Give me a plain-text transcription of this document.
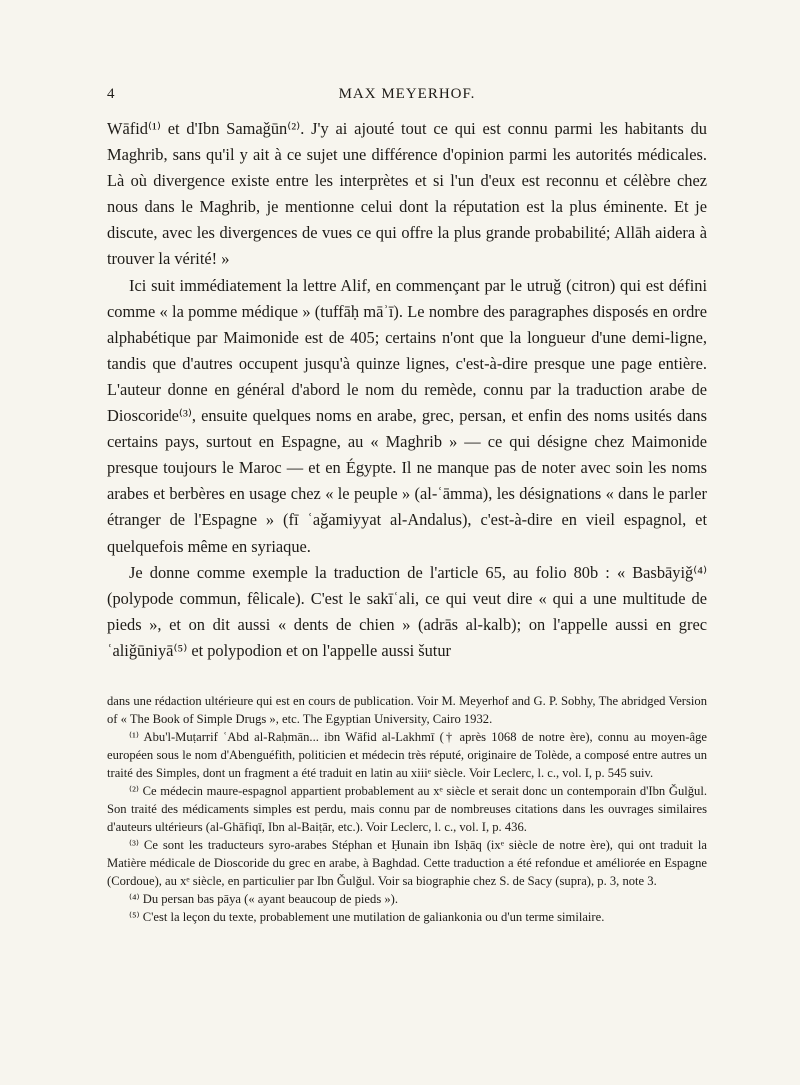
4	MAX MEYERHOF.

Wāfid⁽¹⁾ et d'Ibn Samaǧūn⁽²⁾. J'y ai ajouté tout ce qui est connu parmi les habitants du Maghrib, sans qu'il y ait à ce sujet une différence d'opinion parmi les autorités médicales. Là où divergence existe entre les interprètes et si l'un d'eux est reconnu et célèbre chez nous dans le Maghrib, je mentionne celui dont la réputation est la plus éminente. Et je discute, avec les divergences de vues ce qui offre la plus grande probabilité; Allāh aidera à trouver la vérité! »

Ici suit immédiatement la lettre Alif, en commençant par le utruǧ (citron) qui est défini comme « la pomme médique » (tuffāḥ māʾī). Le nombre des paragraphes disposés en ordre alphabétique par Maimonide est de 405; certains n'ont que la longueur d'une demi-ligne, tandis que d'autres occupent jusqu'à quinze lignes, c'est-à-dire presque une page entière. L'auteur donne en général d'abord le nom du remède, connu par la traduction arabe de Dioscoride⁽³⁾, ensuite quelques noms en arabe, grec, persan, et enfin des noms usités dans certains pays, surtout en Espagne, au « Maghrib » — ce qui désigne chez Maimonide presque toujours le Maroc — et en Égypte. Il ne manque pas de noter avec soin les noms arabes et berbères en usage chez « le peuple » (al-ʿāmma), les désignations « dans le parler étranger de l'Espagne » (fī ʿaǧamiyyat al-Andalus), c'est-à-dire en vieil espagnol, et quelquefois même en syriaque.

Je donne comme exemple la traduction de l'article 65, au folio 80b : « Basbāyiǧ⁽⁴⁾ (polypode commun, fêlicale). C'est le sakīʿali, ce qui veut dire « qui a une multitude de pieds », et on dit aussi « dents de chien » (adrās al-kalb); on l'appelle aussi en grec ʿaliǧūniyā⁽⁵⁾ et polypodion et on l'appelle aussi šutur

dans une rédaction ultérieure qui est en cours de publication. Voir M. Meyerhof and G. P. Sobhy, The abridged Version of « The Book of Simple Drugs », etc. The Egyptian University, Cairo 1932.

⁽¹⁾ Abu'l-Muṭarrif ʿAbd al-Raḥmān... ibn Wāfid al-Lakhmī († après 1068 de notre ère), connu au moyen-âge européen sous le nom d'Abenguéfith, politicien et médecin très réputé, originaire de Tolède, a composé entre autres un traité des Simples, dont un fragment a été traduit en latin au xiiiᵉ siècle. Voir Leclerc, l. c., vol. I, p. 545 suiv.

⁽²⁾ Ce médecin maure-espagnol appartient probablement au xᵉ siècle et serait donc un contemporain d'Ibn Ǧulǧul. Son traité des médicaments simples est perdu, mais connu par de nombreuses citations dans les ouvrages similaires d'auteurs ultérieurs (al-Ghāfiqī, Ibn al-Baiṭār, etc.). Voir Leclerc, l. c., vol. I, p. 436.

⁽³⁾ Ce sont les traducteurs syro-arabes Stéphan et Ḥunain ibn Isḥāq (ixᵉ siècle de notre ère), qui ont traduit la Matière médicale de Dioscoride du grec en arabe, à Baghdad. Cette traduction a été refondue et améliorée en Espagne (Cordoue), au xᵉ siècle, en particulier par Ibn Ǧulǧul. Voir sa biographie chez S. de Sacy (supra), p. 3, note 3.

⁽⁴⁾ Du persan bas pāya (« ayant beaucoup de pieds »).

⁽⁵⁾ C'est la leçon du texte, probablement une mutilation de galiankonia ou d'un terme similaire.
